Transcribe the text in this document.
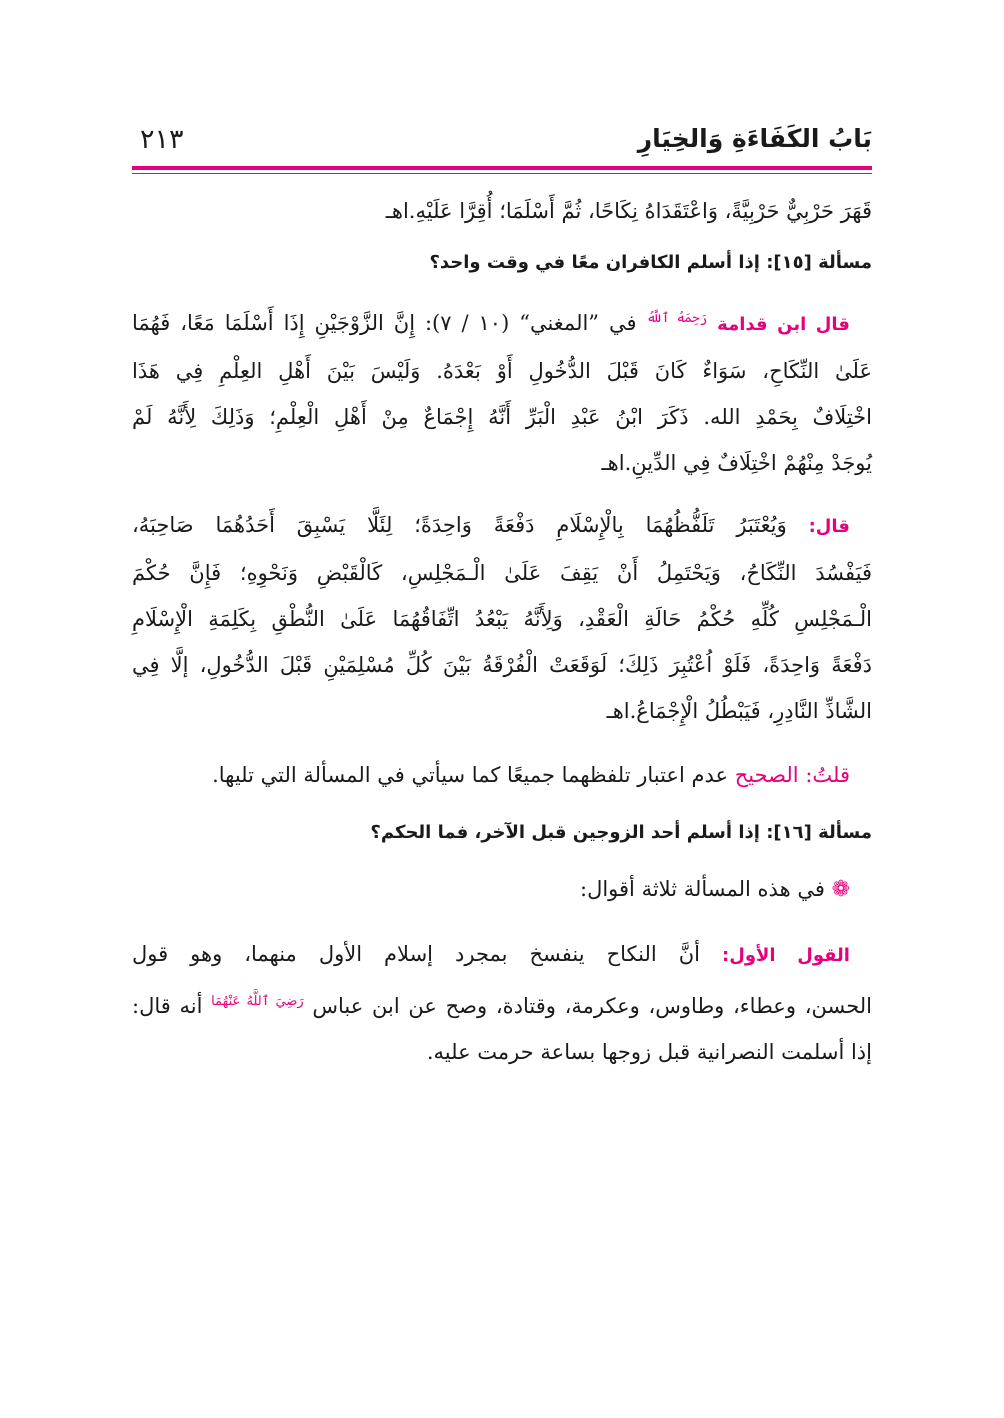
بَابُ الكَفَاءَةِ وَالخِيَارِ
٢١٣
قَهَرَ حَرْبِيٌّ حَرْبِيَّةً، وَاعْتَقَدَاهُ نِكَاحًا، ثُمَّ أَسْلَمَا؛ أُقِرَّا عَلَيْهِ.اهـ
مسألة [١٥]: إذا أسلم الكافران معًا في وقت واحد؟
قال ابن قدامة $^{رَحِمَهُ ٱللَّهُ}$ في ”المغني“ (١٠ / ٧): إِنَّ الزَّوْجَيْنِ إِذَا أَسْلَمَا مَعًا، فَهُمَا
عَلَىٰ النِّكَاحِ، سَوَاءٌ كَانَ قَبْلَ الدُّخُولِ أَوْ بَعْدَهُ. وَلَيْسَ بَيْنَ أَهْلِ العِلْمِ فِي هَذَا
اخْتِلَافٌ بِحَمْدِ الله. ذَكَرَ ابْنُ عَبْدِ الْبَرِّ أَنَّهُ إِجْمَاعٌ مِنْ أَهْلِ الْعِلْمِ؛ وَذَلِكَ لِأَنَّهُ لَمْ
يُوجَدْ مِنْهُمْ اخْتِلَافٌ فِي الدِّينِ.اهـ
قال: وَيُعْتَبَرُ تَلَفُّظُهُمَا بِالْإِسْلَامِ دَفْعَةً وَاحِدَةً؛ لِئَلَّا يَسْبِقَ أَحَدُهُمَا صَاحِبَهُ،
فَيَفْسُدَ النِّكَاحُ، وَيَحْتَمِلُ أَنْ يَقِفَ عَلَىٰ الْـمَجْلِسِ، كَالْقَبْضِ وَنَحْوِهِ؛ فَإِنَّ حُكْمَ
الْـمَجْلِسِ كُلِّهِ حُكْمُ حَالَةِ الْعَقْدِ، وَلِأَنَّهُ يَبْعُدُ اتِّفَاقُهُمَا عَلَىٰ النُّطْقِ بِكَلِمَةِ الْإِسْلَامِ
دَفْعَةً وَاحِدَةً، فَلَوْ اُعْتُبِرَ ذَلِكَ؛ لَوَقَعَتْ الْفُرْقَةُ بَيْنَ كُلِّ مُسْلِمَيْنِ قَبْلَ الدُّخُولِ، إلَّا فِي
الشَّاذِّ النَّادِرِ، فَيَبْطُلُ الْإِجْمَاعُ.اهـ
قلتُ: الصحيح عدم اعتبار تلفظهما جميعًا كما سيأتي في المسألة التي تليها.
مسألة [١٦]: إذا أسلم أحد الزوجين قبل الآخر، فما الحكم؟
❁ في هذه المسألة ثلاثة أقوال:
القول الأول: أنَّ النكاح ينفسخ بمجرد إسلام الأول منهما، وهو قول
الحسن، وعطاء، وطاوس، وعكرمة، وقتادة، وصح عن ابن عباس $^{رَضِيَ ٱللَّهُ عَنْهُمَا}$ أنه قال:
إذا أسلمت النصرانية قبل زوجها بساعة حرمت عليه.
